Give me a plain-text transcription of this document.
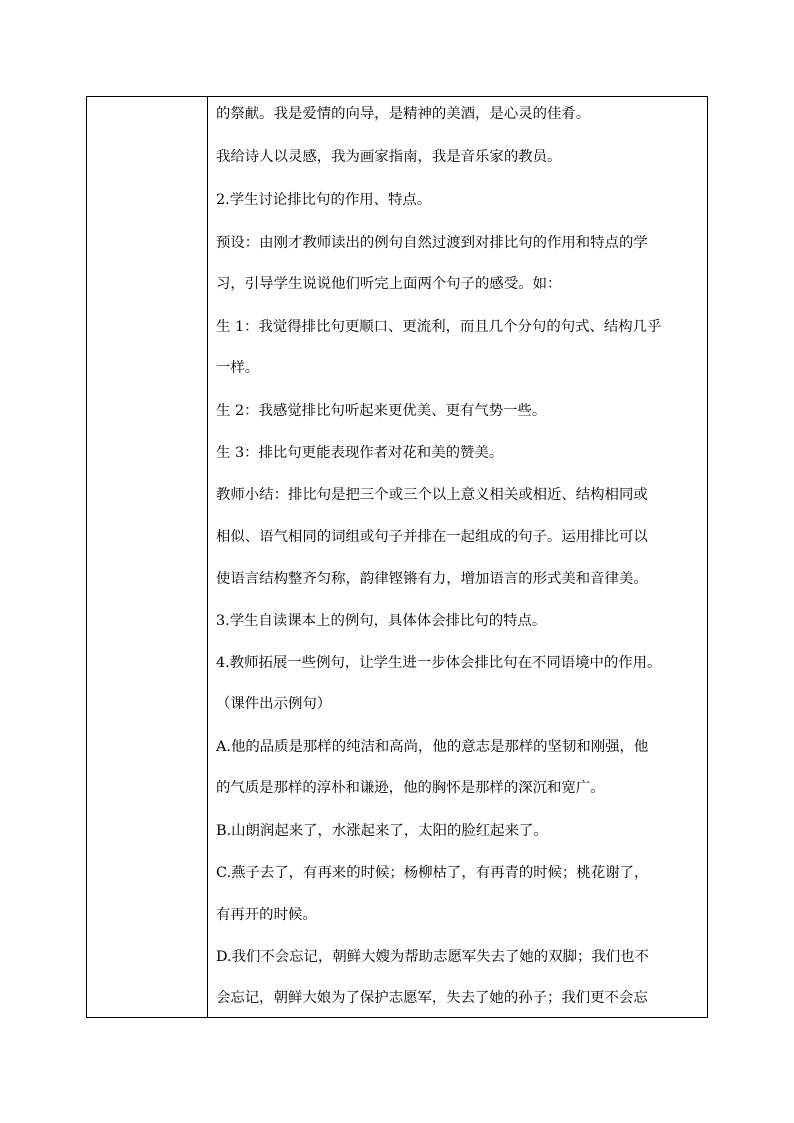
的祭献。我是爱情的向导，是精神的美酒，是心灵的佳肴。
我给诗人以灵感，我为画家指南，我是音乐家的教员。
2.学生讨论排比句的作用、特点。
预设：由刚才教师读出的例句自然过渡到对排比句的作用和特点的学
习，引导学生说说他们听完上面两个句子的感受。如：
生 1：我觉得排比句更顺口、更流利，而且几个分句的句式、结构几乎
一样。
生 2：我感觉排比句听起来更优美、更有气势一些。
生 3：排比句更能表现作者对花和美的赞美。
教师小结：排比句是把三个或三个以上意义相关或相近、结构相同或
相似、语气相同的词组或句子并排在一起组成的句子。运用排比可以
使语言结构整齐匀称，韵律铿锵有力，增加语言的形式美和音律美。
3.学生自读课本上的例句，具体体会排比句的特点。
4.教师拓展一些例句，让学生进一步体会排比句在不同语境中的作用。
（课件出示例句）
A.他的品质是那样的纯洁和高尚，他的意志是那样的坚韧和刚强，他
的气质是那样的淳朴和谦逊，他的胸怀是那样的深沉和宽广。
B.山朗润起来了，水涨起来了，太阳的脸红起来了。
C.燕子去了，有再来的时候；杨柳枯了，有再青的时候；桃花谢了，
有再开的时候。
D.我们不会忘记，朝鲜大嫂为帮助志愿军失去了她的双脚；我们也不
会忘记，朝鲜大娘为了保护志愿军，失去了她的孙子；我们更不会忘
